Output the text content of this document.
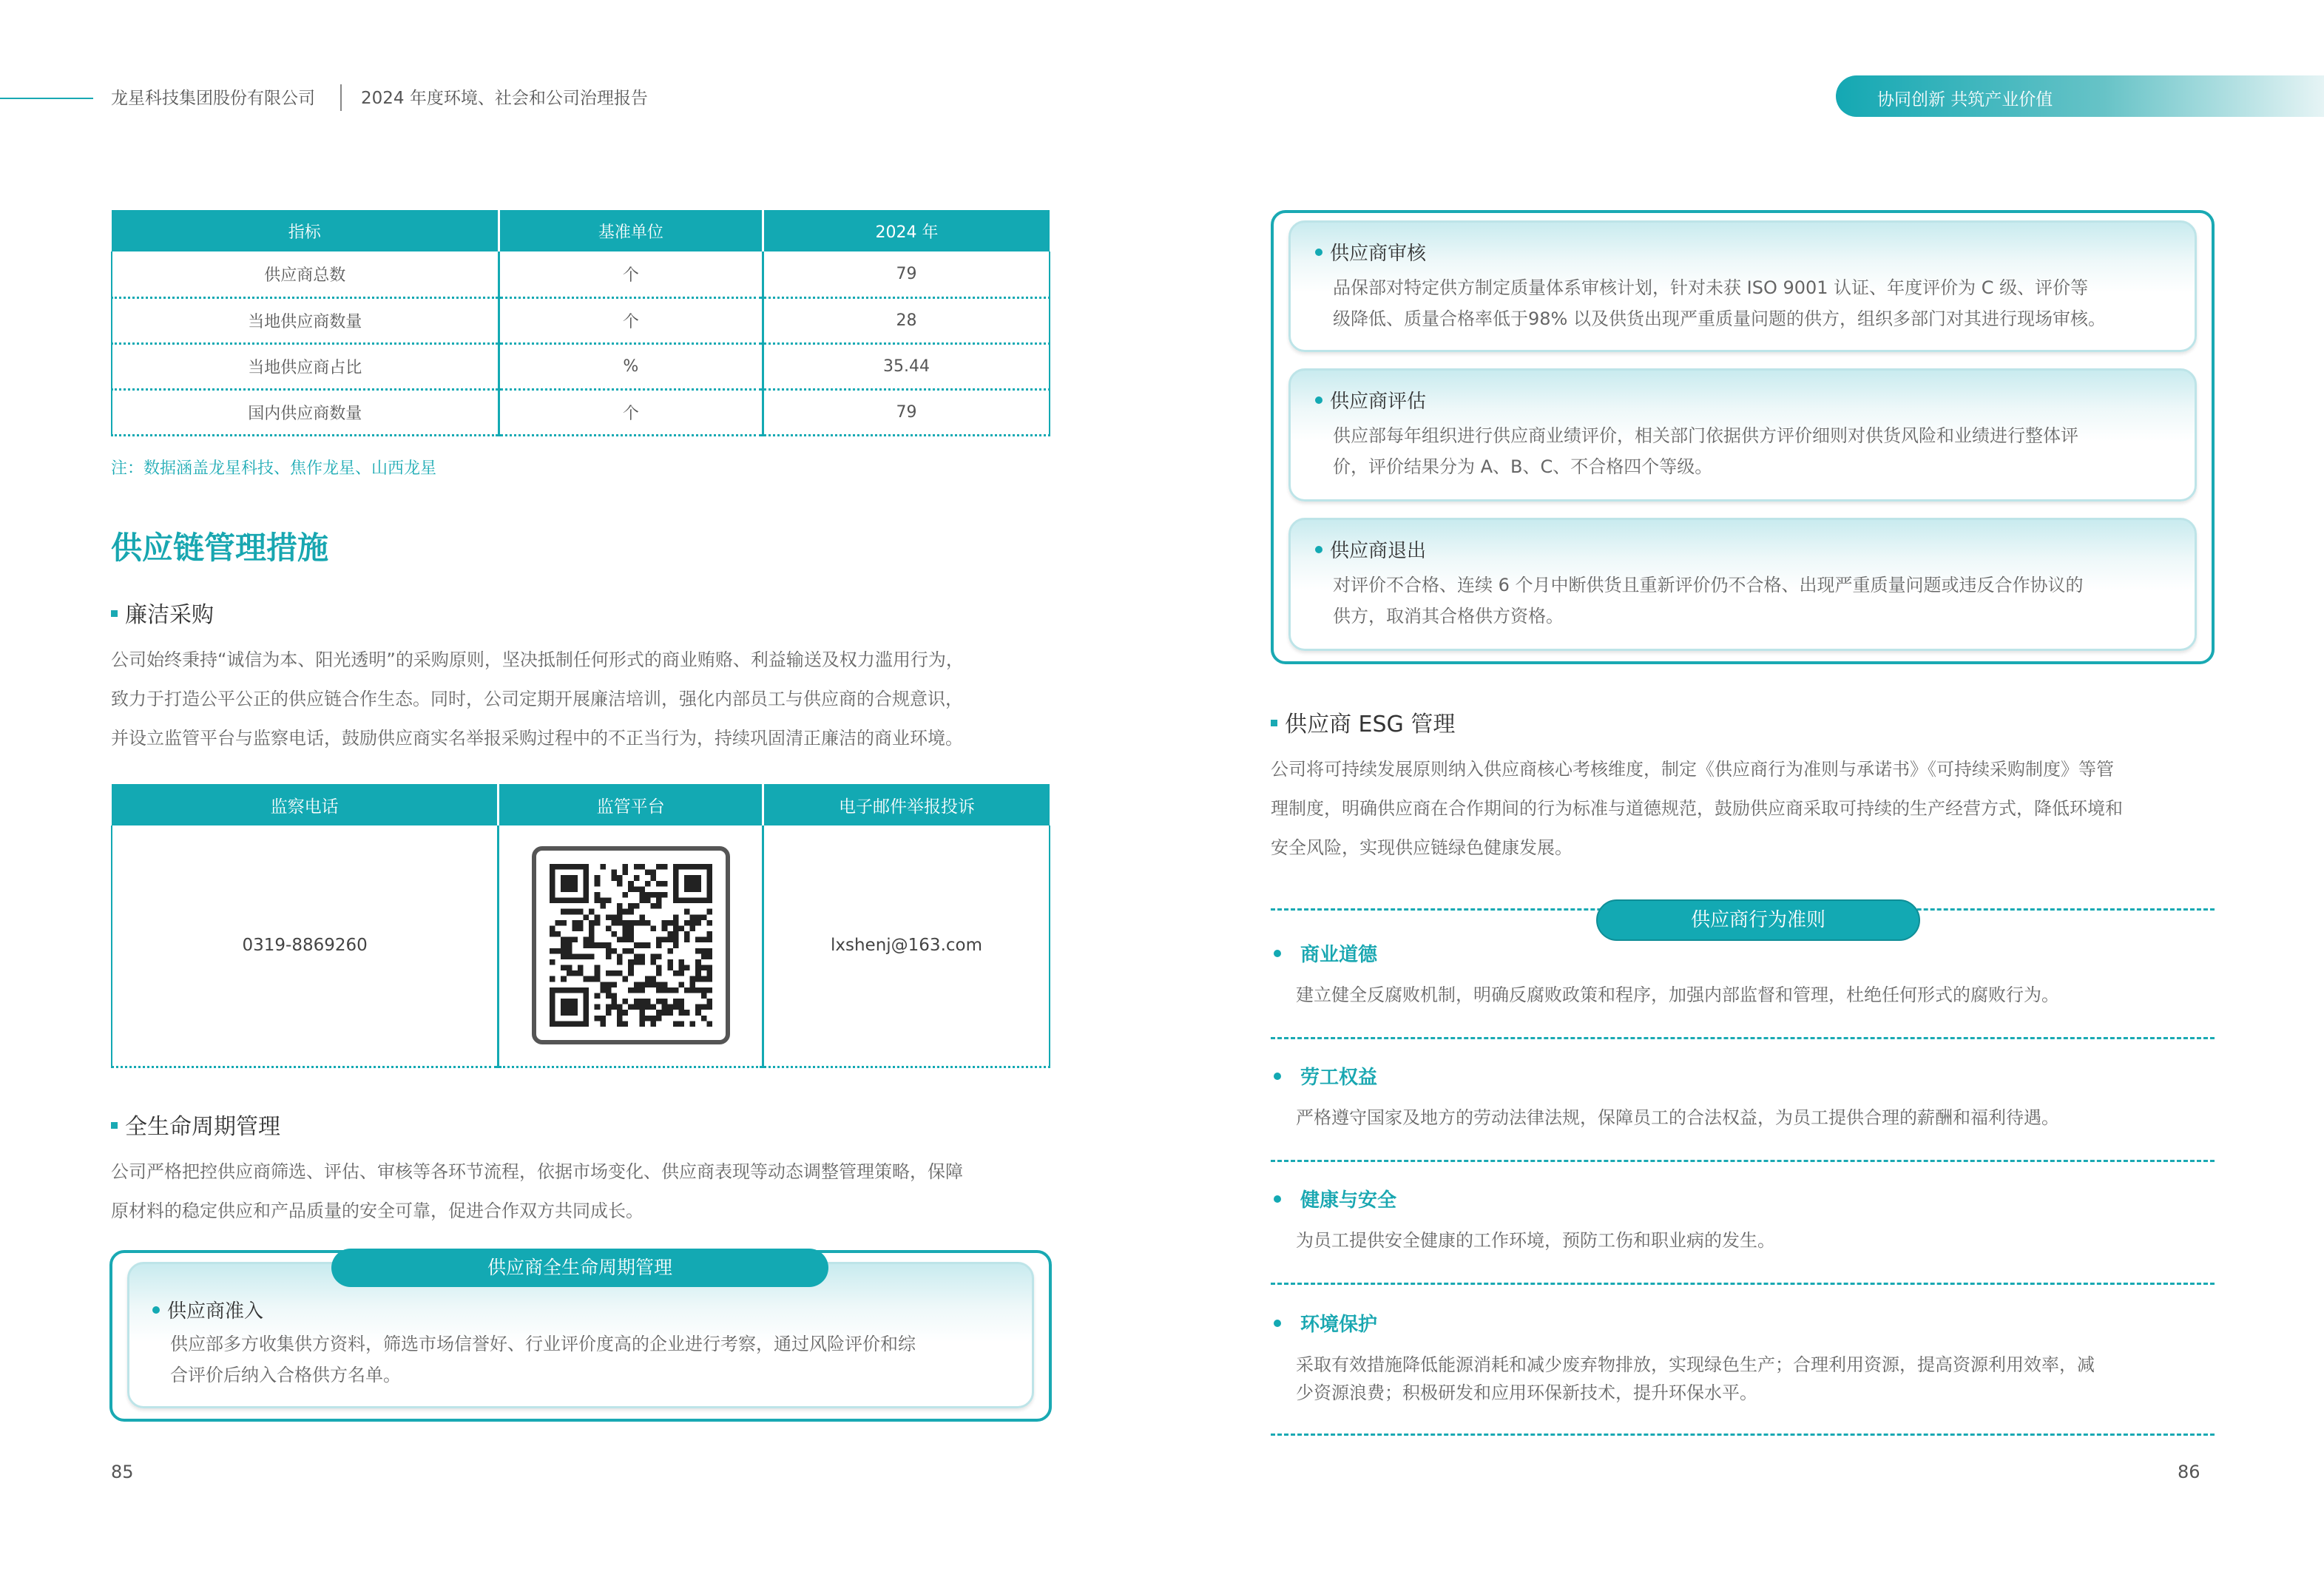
龙星科技集团股份有限公司	2024 年度环境、社会和公司治理报告	协同创新 共筑产业价值
指标	基准单位	2024 年
供应商总数	个	79
当地供应商数量	个	28
当地供应商占比	%	35.44
国内供应商数量	个	79
注：数据涵盖龙星科技、焦作龙星、山西龙星
供应链管理措施
廉洁采购
公司始终秉持“诚信为本、阳光透明”的采购原则，坚决抵制任何形式的商业贿赂、利益输送及权力滥用行为，
致力于打造公平公正的供应链合作生态。同时，公司定期开展廉洁培训，强化内部员工与供应商的合规意识，
并设立监管平台与监察电话，鼓励供应商实名举报采购过程中的不正当行为，持续巩固清正廉洁的商业环境。
监察电话	监管平台	电子邮件举报投诉
0319-8869260		lxshenj@163.com
全生命周期管理
公司严格把控供应商筛选、评估、审核等各环节流程，依据市场变化、供应商表现等动态调整管理策略，保障
原材料的稳定供应和产品质量的安全可靠，促进合作双方共同成长。
供应商全生命周期管理
供应商准入
供应部多方收集供方资料，筛选市场信誉好、行业评价度高的企业进行考察，通过风险评价和综
合评价后纳入合格供方名单。
供应商审核
品保部对特定供方制定质量体系审核计划，针对未获 ISO 9001 认证、年度评价为 C 级、评价等
级降低、质量合格率低于98% 以及供货出现严重质量问题的供方，组织多部门对其进行现场审核。
供应商评估
供应部每年组织进行供应商业绩评价，相关部门依据供方评价细则对供货风险和业绩进行整体评
价，评价结果分为 A、B、C、不合格四个等级。
供应商退出
对评价不合格、连续 6 个月中断供货且重新评价仍不合格、出现严重质量问题或违反合作协议的
供方，取消其合格供方资格。
供应商 ESG 管理
公司将可持续发展原则纳入供应商核心考核维度，制定《供应商行为准则与承诺书》《可持续采购制度》等管
理制度，明确供应商在合作期间的行为标准与道德规范，鼓励供应商采取可持续的生产经营方式，降低环境和
安全风险，实现供应链绿色健康发展。
供应商行为准则
商业道德
建立健全反腐败机制，明确反腐败政策和程序，加强内部监督和管理，杜绝任何形式的腐败行为。
劳工权益
严格遵守国家及地方的劳动法律法规，保障员工的合法权益，为员工提供合理的薪酬和福利待遇。
健康与安全
为员工提供安全健康的工作环境，预防工伤和职业病的发生。
环境保护
采取有效措施降低能源消耗和减少废弃物排放，实现绿色生产；合理利用资源，提高资源利用效率，减
少资源浪费；积极研发和应用环保新技术，提升环保水平。
85	86
